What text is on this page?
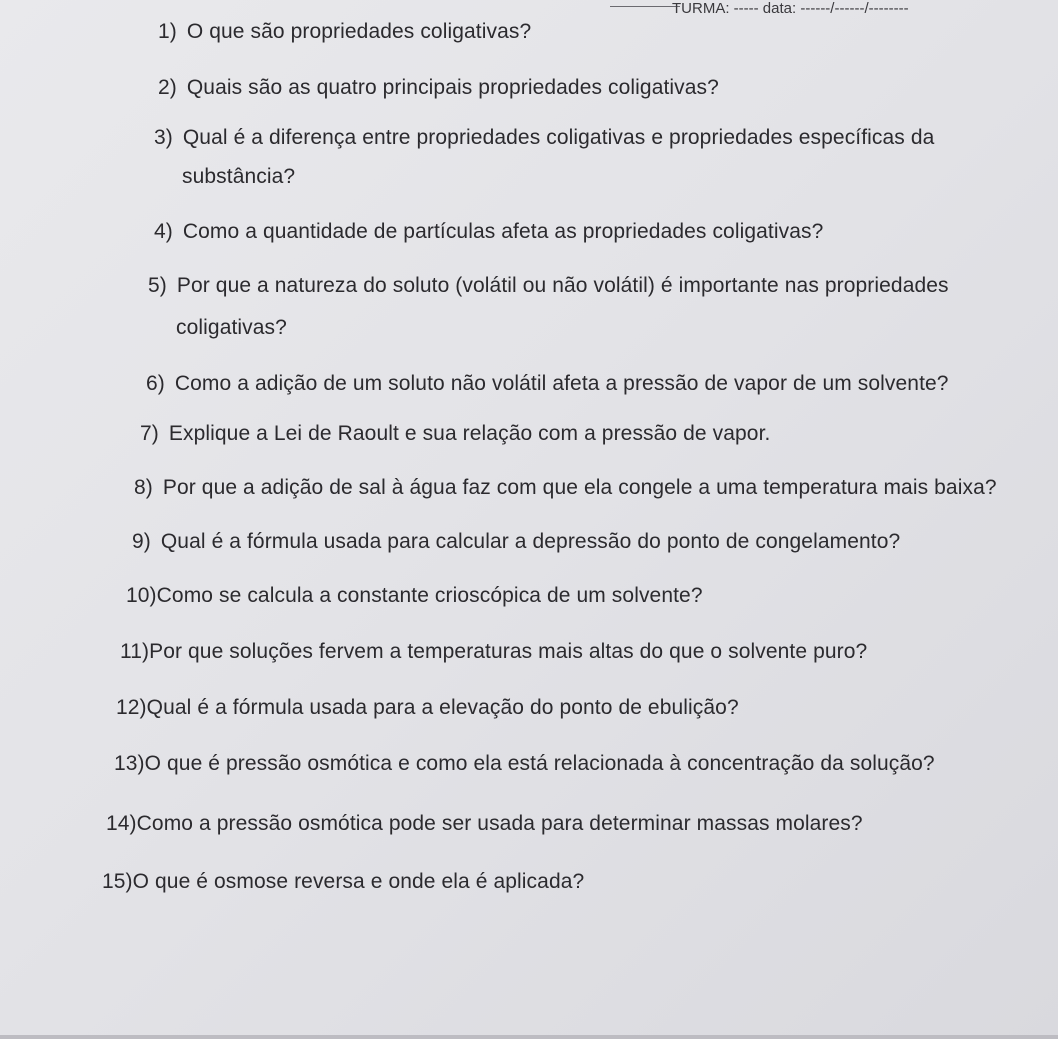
TURMA: ----- data: ------/------/--------
1) O que são propriedades coligativas?
2) Quais são as quatro principais propriedades coligativas?
3) Qual é a diferença entre propriedades coligativas e propriedades específicas da
substância?
4) Como a quantidade de partículas afeta as propriedades coligativas?
5) Por que a natureza do soluto (volátil ou não volátil) é importante nas propriedades
coligativas?
6) Como a adição de um soluto não volátil afeta a pressão de vapor de um solvente?
7) Explique a Lei de Raoult e sua relação com a pressão de vapor.
8) Por que a adição de sal à água faz com que ela congele a uma temperatura mais baixa?
9) Qual é a fórmula usada para calcular a depressão do ponto de congelamento?
10)Como se calcula a constante crioscópica de um solvente?
11)Por que soluções fervem a temperaturas mais altas do que o solvente puro?
12)Qual é a fórmula usada para a elevação do ponto de ebulição?
13)O que é pressão osmótica e como ela está relacionada à concentração da solução?
14)Como a pressão osmótica pode ser usada para determinar massas molares?
15)O que é osmose reversa e onde ela é aplicada?
